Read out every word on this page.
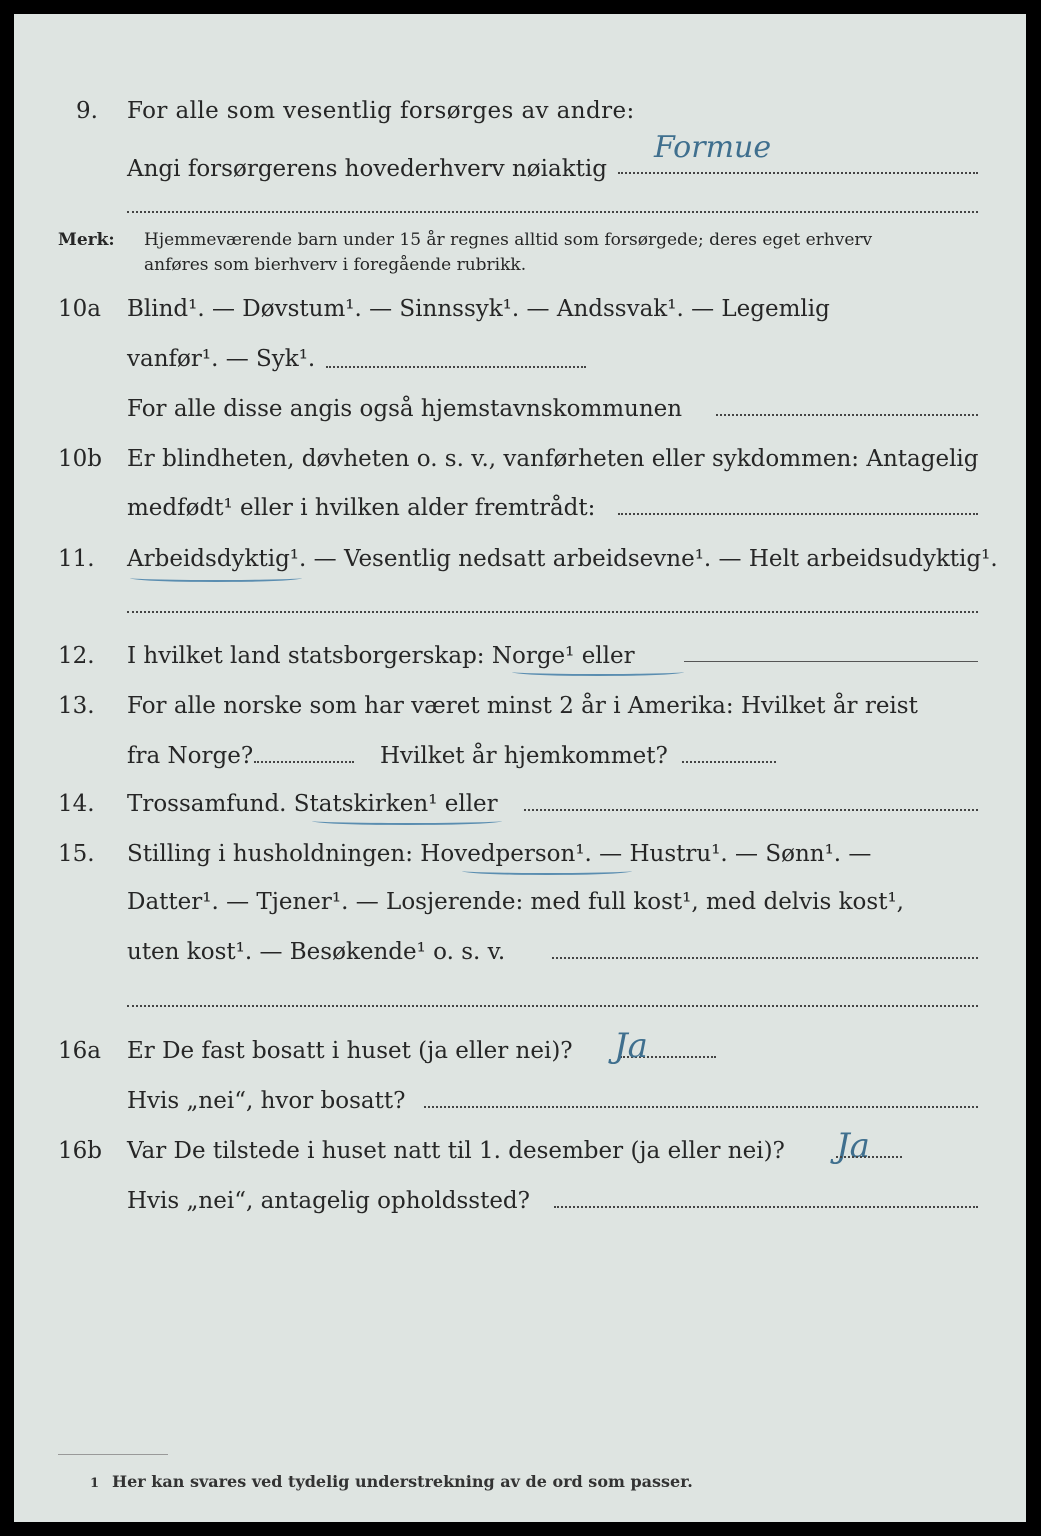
9. For alle som vesentlig forsørges av andre:
Angi forsørgerens hovederhverv nøiaktig
Formue
Merk: Hjemmeværende barn under 15 år regnes alltid som forsørgede; deres eget erhverv
anføres som bierhverv i foregående rubrikk.
10a Blind¹. — Døvstum¹. — Sinnssyk¹. — Andssvak¹. — Legemlig
vanfør¹. — Syk¹.
For alle disse angis også hjemstavnskommunen
10b Er blindheten, døvheten o. s. v., vanførheten eller sykdommen: Antagelig
medfødt¹ eller i hvilken alder fremtrådt:
11. Arbeidsdyktig¹. — Vesentlig nedsatt arbeidsevne¹. — Helt arbeidsudyktig¹.
12. I hvilket land statsborgerskap: Norge¹ eller
13. For alle norske som har været minst 2 år i Amerika: Hvilket år reist
fra Norge?	Hvilket år hjemkommet?
14. Trossamfund. Statskirken¹ eller
15. Stilling i husholdningen: Hovedperson¹. — Hustru¹. — Sønn¹. —
Datter¹. — Tjener¹. — Losjerende: med full kost¹, med delvis kost¹,
uten kost¹. — Besøkende¹ o. s. v.
16a Er De fast bosatt i huset (ja eller nei)? Ja
Hvis „nei“, hvor bosatt?
16b Var De tilstede i huset natt til 1. desember (ja eller nei)? Ja
Hvis „nei“, antagelig opholdssted?
1 Her kan svares ved tydelig understrekning av de ord som passer.
